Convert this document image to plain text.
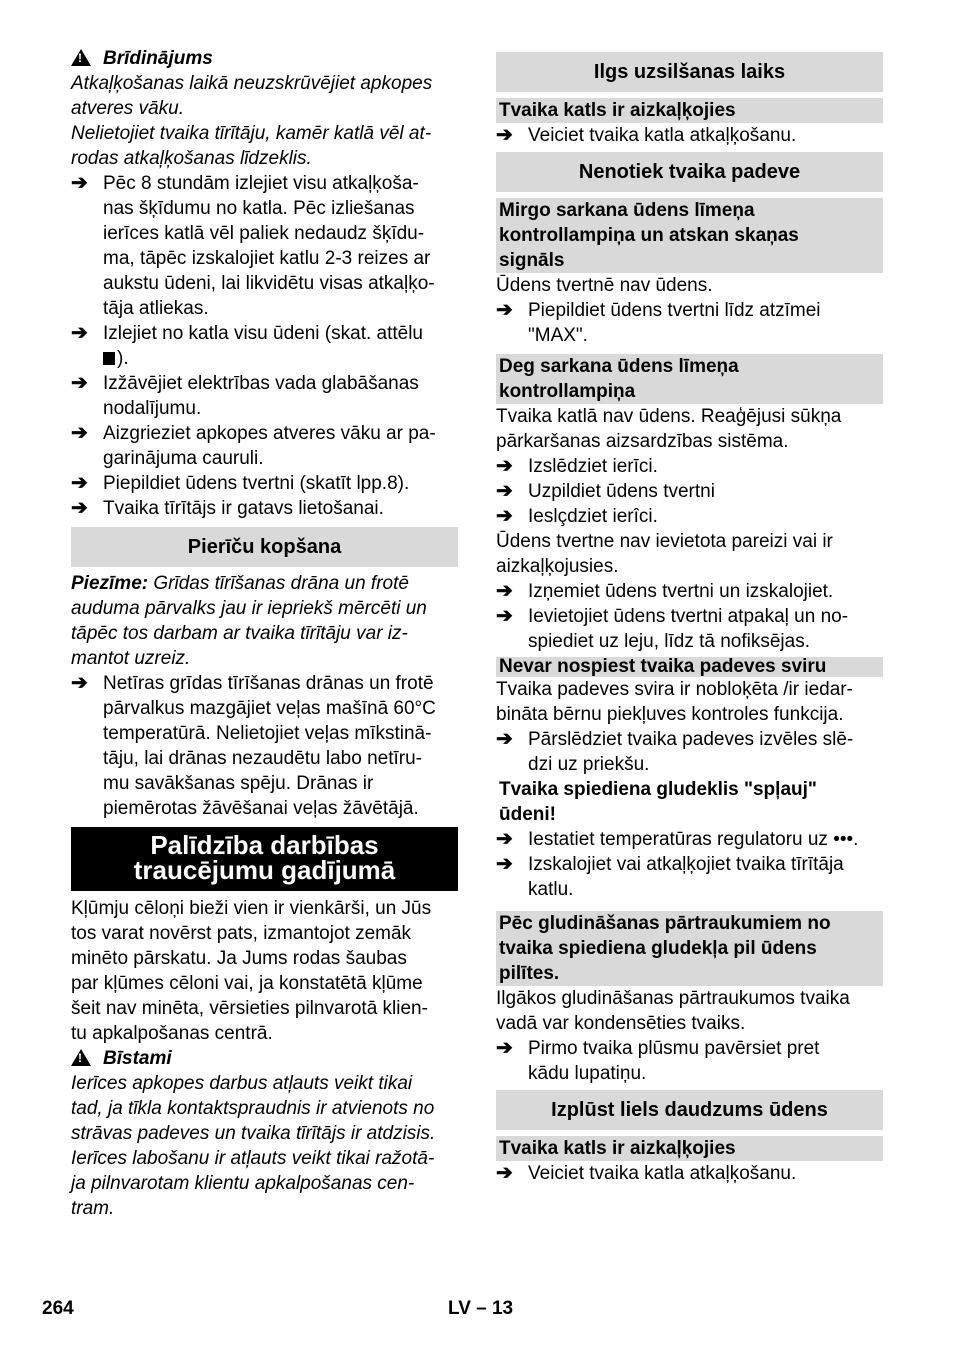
!
Brīdinājums
Atkaļķošanas laikā neuzskrūvējiet apkopes
atveres vāku.
Nelietojiet tvaika tīrītāju, kamēr katlā vēl at-
rodas atkaļķošanas līdzeklis.
➔ Pēc 8 stundām izlejiet visu atkaļķoša-
nas šķīdumu no katla. Pēc izliešanas
ierīces katlā vēl paliek nedaudz šķīdu-
ma, tāpēc izskalojiet katlu 2-3 reizes ar
aukstu ūdeni, lai likvidētu visas atkaļķo-
tāja atliekas.
➔ Izlejiet no katla visu ūdeni (skat. attēlu
).
➔ Izžāvējiet elektrības vada glabāšanas
nodalījumu.
➔ Aizgrieziet apkopes atveres vāku ar pa-
garinājuma cauruli.
➔ Piepildiet ūdens tvertni (skatīt lpp.8).
➔ Tvaika tīrītājs ir gatavs lietošanai.
Pierīču kopšana
Piezīme: Grīdas tīrīšanas drāna un frotē
auduma pārvalks jau ir iepriekš mērcēti un
tāpēc tos darbam ar tvaika tīrītāju var iz-
mantot uzreiz.
➔ Netīras grīdas tīrīšanas drānas un frotē
pārvalkus mazgājiet veļas mašīnā 60°C
temperatūrā. Nelietojiet veļas mīkstinā-
tāju, lai drānas nezaudētu labo netīru-
mu savākšanas spēju. Drānas ir
piemērotas žāvēšanai veļas žāvētājā.
Palīdzība darbības
traucējumu gadījumā
Kļūmju cēloņi bieži vien ir vienkārši, un Jūs
tos varat novērst pats, izmantojot zemāk
minēto pārskatu. Ja Jums rodas šaubas
par kļūmes cēloni vai, ja konstatētā kļūme
šeit nav minēta, vērsieties pilnvarotā klien-
tu apkalpošanas centrā.
!
Bīstami
Ierīces apkopes darbus atļauts veikt tikai
tad, ja tīkla kontaktspraudnis ir atvienots no
strāvas padeves un tvaika tīrītājs ir atdzisis.
Ierīces labošanu ir atļauts veikt tikai ražotā-
ja pilnvarotam klientu apkalpošanas cen-
tram.
Ilgs uzsilšanas laiks
Tvaika katls ir aizkaļķojies
➔ Veiciet tvaika katla atkaļķošanu.
Nenotiek tvaika padeve
Mirgo sarkana ūdens līmeņa
kontrollampiņa un atskan skaņas
signāls
Ūdens tvertnē nav ūdens.
➔ Piepildiet ūdens tvertni līdz atzīmei
"MAX".
Deg sarkana ūdens līmeņa
kontrollampiņa
Tvaika katlā nav ūdens. Reaģējusi sūkņa
pārkaršanas aizsardzības sistēma.
➔ Izslēdziet ierīci.
➔ Uzpildiet ūdens tvertni
➔ Ieslçdziet ierîci.
Ūdens tvertne nav ievietota pareizi vai ir
aizkaļķojusies.
➔ Izņemiet ūdens tvertni un izskalojiet.
➔ Ievietojiet ūdens tvertni atpakaļ un no-
spiediet uz leju, līdz tā nofiksējas.
Nevar nospiest tvaika padeves sviru
Tvaika padeves svira ir nobloķēta /ir iedar-
bināta bērnu piekļuves kontroles funkcija.
➔ Pārslēdziet tvaika padeves izvēles slē-
dzi uz priekšu.
Tvaika spiediena gludeklis "spļauj"
ūdeni!
➔ Iestatiet temperatūras regulatoru uz •••.
➔ Izskalojiet vai atkaļķojiet tvaika tīrītāja
katlu.
Pēc gludināšanas pārtraukumiem no
tvaika spiediena gludekļa pil ūdens
pilītes.
Ilgākos gludināšanas pārtraukumos tvaika
vadā var kondensēties tvaiks.
➔ Pirmo tvaika plūsmu pavērsiet pret
kādu lupatiņu.
Izplūst liels daudzums ūdens
Tvaika katls ir aizkaļķojies
➔ Veiciet tvaika katla atkaļķošanu.
264	LV – 13
